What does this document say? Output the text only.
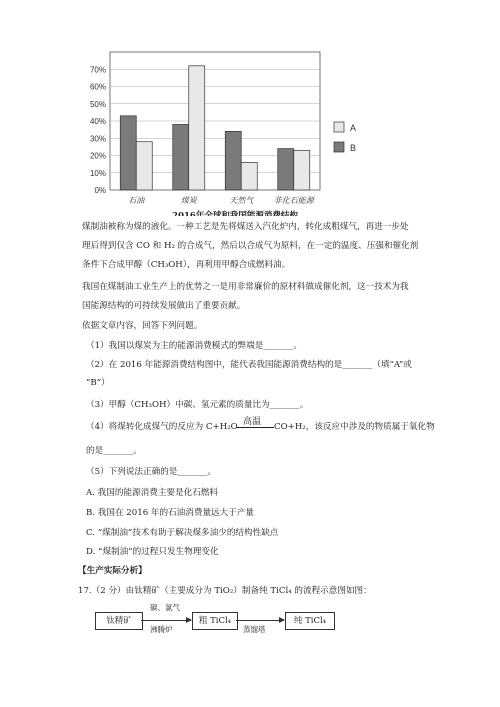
0%
10%
20%
30%
40%
50%
60%
70%
石油	煤炭	天然气	非化石能源
A
B
2016年全球和我国能源消费结构
煤制油被称为煤的液化。一种工艺是先将煤送入汽化炉内，转化成粗煤气，再进一步处
理后得到仅含 CO 和 H₂ 的合成气，然后以合成气为原料，在一定的温度、压强和催化剂
条件下合成甲醇（CH₃OH），再利用甲醇合成燃料油。
我国在煤制油工业生产上的优势之一是用非常廉价的原材料做成催化剂，这一技术为我
国能源结构的可持续发展做出了重要贡献。
依据文章内容，回答下列问题。
（1）我国以煤炭为主的能源消费模式的弊端是_______。
（2）在 2016 年能源消费结构图中，能代表我国能源消费结构的是_______（填“A”或
“B”）
（3）甲醇（CH₃OH）中碳、氢元素的质量比为_______。
（4）将煤转化成煤气的反应为 C+H₂O 高温 CO+H₂，该反应中涉及的物质属于氧化物
的是_______。
（5）下列说法正确的是_______。
A. 我国的能源消费主要是化石燃料
B. 我国在 2016 年的石油消费量远大于产量
C. “煤制油”技术有助于解决煤多油少的结构性缺点
D. “煤制油”的过程只发生物理变化
【生产实际分析】
17.（2 分）由钛精矿（主要成分为 TiO₂）制备纯 TiCl₄ 的流程示意图如图：
钛精矿
碳、氯气
沸腾炉
粗 TiCl₄
蒸馏塔
纯 TiCl₄
